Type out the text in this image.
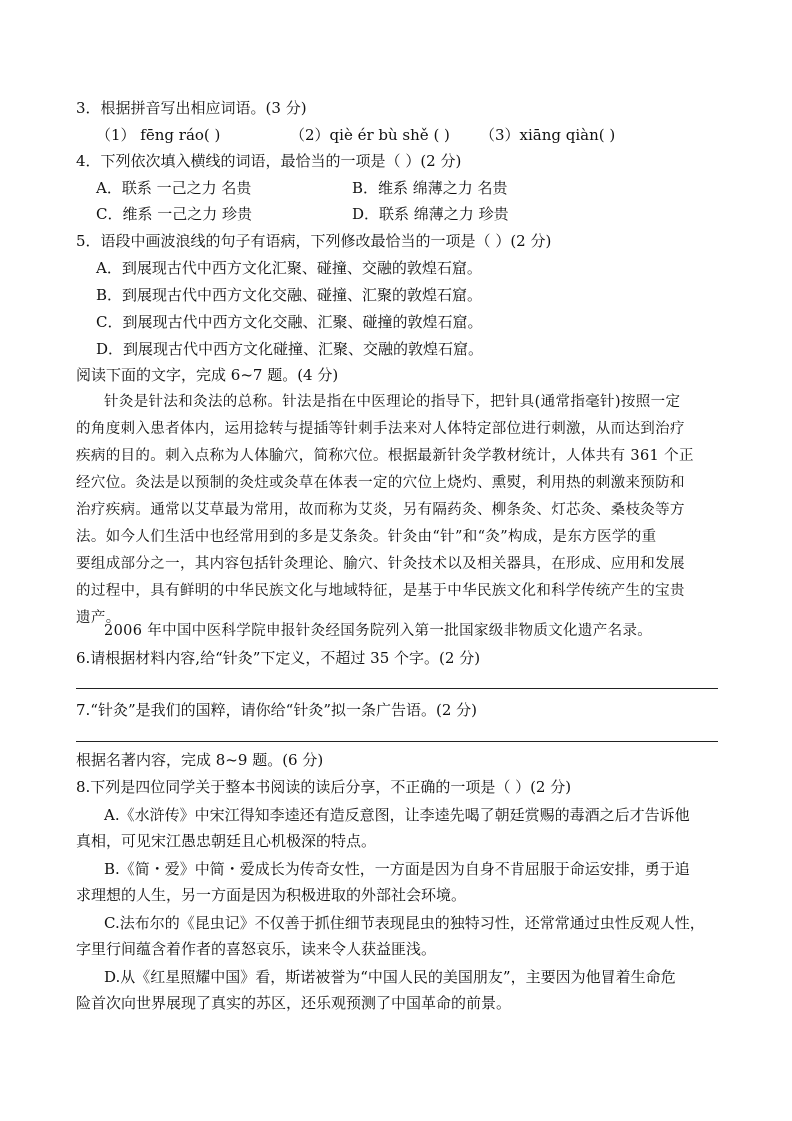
3．根据拼音写出相应词语。(3 分)
（1） fēng ráo( )	（2）qiè ér bù shě ( ) （3）xiāng qiàn( )
4．下列依次填入横线的词语，最恰当的一项是（ ）(2 分)
A．联系 一己之力 名贵	B．维系 绵薄之力 名贵
C．维系 一己之力 珍贵	D．联系 绵薄之力 珍贵
5．语段中画波浪线的句子有语病，下列修改最恰当的一项是（ ）(2 分)
A．到展现古代中西方文化汇聚、碰撞、交融的敦煌石窟。
B．到展现古代中西方文化交融、碰撞、汇聚的敦煌石窟。
C．到展现古代中西方文化交融、汇聚、碰撞的敦煌石窟。
D．到展现古代中西方文化碰撞、汇聚、交融的敦煌石窟。
阅读下面的文字，完成 6~7 题。(4 分)
针灸是针法和灸法的总称。针法是指在中医理论的指导下，把针具(通常指毫针)按照一定
的角度刺入患者体内，运用捻转与提插等针刺手法来对人体特定部位进行刺激，从而达到治疗
疾病的目的。刺入点称为人体腧穴，简称穴位。根据最新针灸学教材统计，人体共有 361 个正
经穴位。灸法是以预制的灸炷或灸草在体表一定的穴位上烧灼、熏熨，利用热的刺激来预防和
治疗疾病。通常以艾草最为常用，故而称为艾炎，另有隔药灸、柳条灸、灯芯灸、桑枝灸等方
法。如今人们生活中也经常用到的多是艾条灸。针灸由“针”和“灸”构成，是东方医学的重
要组成部分之一，其内容包括针灸理论、腧穴、针灸技术以及相关器具，在形成、应用和发展
的过程中，具有鲜明的中华民族文化与地域特征，是基于中华民族文化和科学传统产生的宝贵
遗产。
2006 年中国中医科学院申报针灸经国务院列入第一批国家级非物质文化遗产名录。
6.请根据材料内容,给“针灸”下定义，不超过 35 个字。(2 分)
7.“针灸”是我们的国粹，请你给“针灸”拟一条广告语。(2 分)
根据名著内容，完成 8~9 题。(6 分)
8.下列是四位同学关于整本书阅读的读后分享，不正确的一项是（ ）(2 分)
A.《水浒传》中宋江得知李逵还有造反意图，让李逵先喝了朝廷赏赐的毒酒之后才告诉他
真相，可见宋江愚忠朝廷且心机极深的特点。
B.《简・爱》中简・爱成长为传奇女性，一方面是因为自身不肯屈服于命运安排，勇于追
求理想的人生，另一方面是因为积极进取的外部社会环境。
C.法布尔的《昆虫记》不仅善于抓住细节表现昆虫的独特习性，还常常通过虫性反观人性，
字里行间蕴含着作者的喜怒哀乐，读来令人获益匪浅。
D.从《红星照耀中国》看，斯诺被誉为“中国人民的美国朋友”，主要因为他冒着生命危
险首次向世界展现了真实的苏区，还乐观预测了中国革命的前景。
